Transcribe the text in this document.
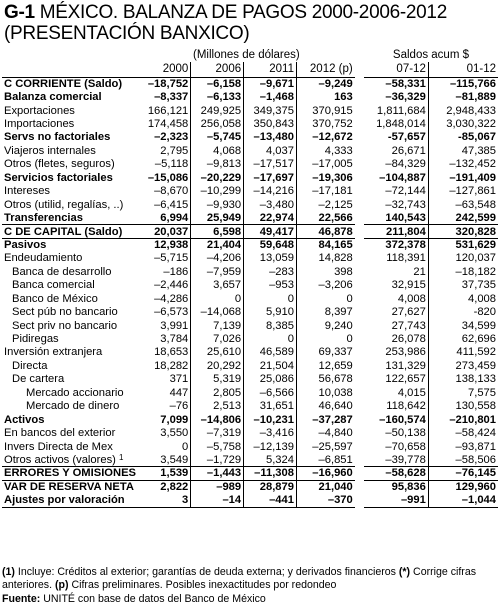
G-1 MÉXICO. BALANZA DE PAGOS 2000-2006-2012
(PRESENTACIÓN BANXICO)
	(Millones de dólares)					Saldos acum $	
	2000	2006	2011	2012 (p)		07-12	01-12
C CORRIENTE (Saldo)	–18,752	–6,158	–9,671	–9,249		–58,331	–115,766
Balanza comercial	–8,337	–6,133	–1,468	163		–36,329	–81,889
Exportaciones	166,121	249,925	349,375	370,915		1,811,684	2,948,433
Importaciones	174,458	256,058	350,843	370,752		1,848,014	3,030,322
Servs no factoriales	–2,323	–5,745	–13,480	–12,672		-57,657	-85,067
Viajeros internales	2,795	4,068	4,037	4,333		26,671	47,385
Otros (fletes, seguros)	–5,118	–9,813	–17,517	–17,005		–84,329	–132,452
Servicios factoriales	–15,086	–20,229	–17,697	–19,306		–104,887	–191,409
Intereses	–8,670	–10,299	–14,216	–17,181		–72,144	–127,861
Otros (utilid, regalías, ..)	–6,415	–9,930	–3,480	–2,125		–32,743	–63,548
Transferencias	6,994	25,949	22,974	22,566		140,543	242,599
C DE CAPITAL (Saldo)	20,037	6,598	49,417	46,878		211,804	320,828
Pasivos	12,938	21,404	59,648	84,165		372,378	531,629
Endeudamiento	–5,715	–4,206	13,059	14,828		118,391	120,037
Banca de desarrollo	–186	–7,959	–283	398		21	–18,182
Banca comercial	–2,446	3,657	–953	–3,206		32,915	37,735
Banco de México	–4,286	0	0	0		4,008	4,008
Sect púb no bancario	–6,573	–14,068	5,910	8,397		27,627	-820
Sect priv no bancario	3,991	7,139	8,385	9,240		27,743	34,599
Pidiregas	3,784	7,026	0	0		26,078	62,696
Inversión extranjera	18,653	25,610	46,589	69,337		253,986	411,592
Directa	18,282	20,292	21,504	12,659		131,329	273,459
De cartera	371	5,319	25,086	56,678		122,657	138,133
Mercado accionario	447	2,805	–6,566	10,038		4,015	7,575
Mercado de dinero	–76	2,513	31,651	46,640		118,642	130,558
Activos	7,099	–14,806	–10,231	–37,287		–160,574	–210,801
En bancos del exterior	3,550	–7,319	–3,416	–4,840		–50,138	–58,424
Invers Directa de Mex	0	–5,758	–12,139	–25,597		–70,658	–93,871
Otros activos (valores) $^1$	3,549	–1,729	5,324	–6,851		–39,778	–58,506
ERRORES Y OMISIONES	1,539	–1,443	–11,308	–16,960		–58,628	–76,145
VAR DE RESERVA NETA	2,822	–989	28,879	21,040		95,836	129,960
Ajustes por valoración	3	–14	–441	–370		–991	–1,044
(1) Incluye: Créditos al exterior; garantías de deuda externa; y derivados financieros (*) Corrige cifras anteriores. (p) Cifras preliminares. Posibles inexactitudes por redondeo
Fuente: UNITÉ con base de datos del Banco de México
